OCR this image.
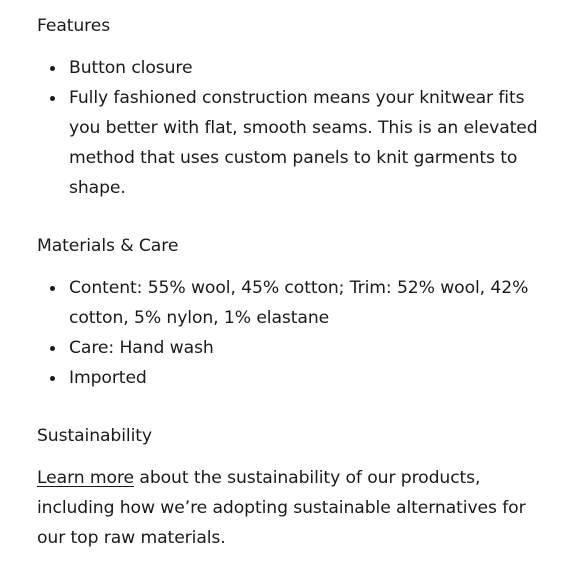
Features
Button closure
Fully fashioned construction means your knitwear fits you better with flat, smooth seams. This is an elevated method that uses custom panels to knit garments to shape.
Materials & Care
Content: 55% wool, 45% cotton; Trim: 52% wool, 42% cotton, 5% nylon, 1% elastane
Care: Hand wash
Imported
Sustainability

Learn more about the sustainability of our products, including how we’re adopting sustainable alternatives for our top raw materials.
